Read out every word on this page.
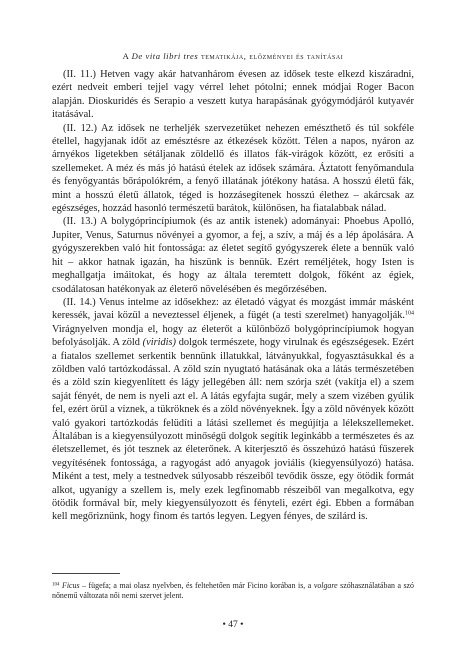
A De vita libri tres tematikája, előzményei és tanításai

(II. 11.) Hetven vagy akár hatvanhárom évesen az idősek teste elkezd kiszáradni, ezért nedveit emberi tejjel vagy vérrel lehet pótolni; ennek módjai Roger Bacon alapján. Dioskuridés és Serapio a veszett kutya harapásának gyógymódjáról kutyavér itatásával.

(II. 12.) Az idősek ne terheljék szervezetüket nehezen emészthető és túl sokféle étellel, hagyjanak időt az emésztésre az étkezések között. Télen a napos, nyáron az árnyékos ligetekben sétáljanak zöldellő és illatos fák-virágok között, ez erősíti a szellemeket. A méz és más jó hatású ételek az idősek számára. Áztatott fenyőmandula és fenyőgyantás bőrápolókrém, a fenyő illatának jótékony hatása. A hosszú életű fák, mint a hosszú életű állatok, téged is hozzásegítenek hosszú élethez – akárcsak az egészséges, hozzád hasonló természetű barátok, különösen, ha fiatalabbak nálad.

(II. 13.) A bolygóprincípiumok (és az antik istenek) adományai: Phoebus Apolló, Jupiter, Venus, Saturnus növényei a gyomor, a fej, a szív, a máj és a lép ápolására. A gyógyszerekben való hit fontossága: az életet segítő gyógyszerek élete a bennük való hit – akkor hatnak igazán, ha hiszünk is bennük. Ezért reméljétek, hogy Isten is meghallgatja imáitokat, és hogy az általa teremtett dolgok, főként az égiek, csodálatosan hatékonyak az életerő növelésében és megőrzésében.

(II. 14.) Venus intelme az idősekhez: az életadó vágyat és mozgást immár másként keressék, javai közül a neveztessel éljenek, a fügét (a testi szerelmet) hanyagolják.$^{104}$ Virágnyelven mondja el, hogy az életerőt a különböző bolygóprincípiumok hogyan befolyásolják. A zöld (viridis) dolgok természete, hogy virulnak és egészségesek. Ezért a fiatalos szellemet serkentik bennünk illatukkal, látványukkal, fogyasztásukkal és a zöldben való tartózkodással. A zöld szín nyugtató hatásának oka a látás természetében és a zöld szín kiegyenlített és lágy jellegében áll: nem szórja szét (vakítja el) a szem saját fényét, de nem is nyeli azt el. A látás egyfajta sugár, mely a szem vizében gyúlik fel, ezért örül a víznek, a tükröknek és a zöld növényeknek. Így a zöld növények között való gyakori tartózkodás felüdíti a látási szellemet és megújítja a lélekszellemeket. Általában is a kiegyensúlyozott minőségű dolgok segítik leginkább a természetes és az életszellemet, és jót tesznek az életerőnek. A kiterjesztő és összehúzó hatású fűszerek vegyítésének fontossága, a ragyogást adó anyagok joviális (kiegyensúlyozó) hatása. Miként a test, mely a testnedvek súlyosabb részeiből tevődik össze, egy ötödik formát alkot, ugyanígy a szellem is, mely ezek legfinomabb részeiből van megalkotva, egy ötödik formával bír, mely kiegyensúlyozott és fényteli, ezért égi. Ebben a formában kell megőriznünk, hogy finom és tartós legyen. Legyen fényes, de szilárd is.

$^{104}$ Ficus – fügefa; a mai olasz nyelvben, és feltehetően már Ficino korában is, a volgare szóhasználatában a szó nőnemű változata női nemi szervet jelent.
• 47 •
